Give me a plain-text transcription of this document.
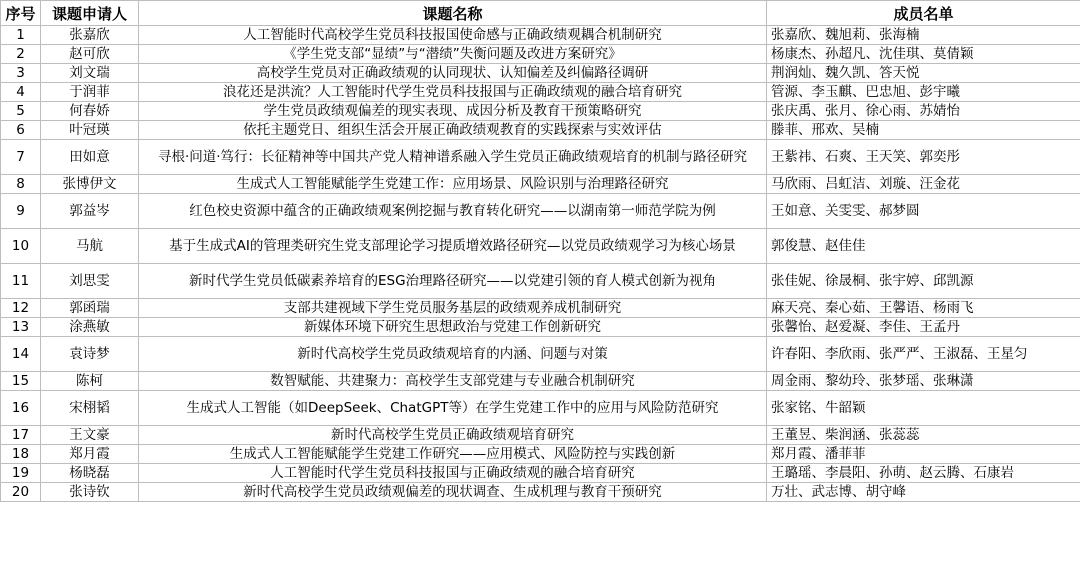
序号	课题申请人	课题名称	成员名单
1	张嘉欣	人工智能时代高校学生党员科技报国使命感与正确政绩观耦合机制研究	张嘉欣、魏旭莉、张海楠
2	赵可欣	《学生党支部“显绩”与“潜绩”失衡问题及改进方案研究》	杨康杰、孙超凡、沈佳琪、莫倩颖
3	刘文瑞	高校学生党员对正确政绩观的认同现状、认知偏差及纠偏路径调研	荆润灿、魏久凯、答天悦
4	于润菲	浪花还是洪流？人工智能时代学生党员科技报国与正确政绩观的融合培育研究	管源、李玉麒、巴忠旭、彭宇曦
5	何春娇	学生党员政绩观偏差的现实表现、成因分析及教育干预策略研究	张庆禹、张月、徐心雨、苏婧怡
6	叶冠瑛	依托主题党日、组织生活会开展正确政绩观教育的实践探索与实效评估	滕菲、邢欢、吴楠
7	田如意	寻根·问道·笃行：长征精神等中国共产党人精神谱系融入学生党员正确政绩观培育的机制与路径研究	王紫祎、石爽、王天笑、郭奕彤
8	张博伊文	生成式人工智能赋能学生党建工作：应用场景、风险识别与治理路径研究	马欣雨、吕虹洁、刘璇、汪金花
9	郭益岑	红色校史资源中蕴含的正确政绩观案例挖掘与教育转化研究——以湖南第一师范学院为例	王如意、关雯雯、郝梦圆
10	马航	基于生成式AI的管理类研究生党支部理论学习提质增效路径研究—以党员政绩观学习为核心场景	郭俊慧、赵佳佳
11	刘思雯	新时代学生党员低碳素养培育的ESG治理路径研究——以党建引领的育人模式创新为视角	张佳妮、徐晟桐、张宇婷、邱凯源
12	郭函瑞	支部共建视域下学生党员服务基层的政绩观养成机制研究	麻天亮、秦心茹、王馨语、杨雨飞
13	涂燕敏	新媒体环境下研究生思想政治与党建工作创新研究	张馨怡、赵爱凝、李佳、王孟丹
14	袁诗梦	新时代高校学生党员政绩观培育的内涵、问题与对策	许春阳、李欣雨、张严严、王淑磊、王星匀
15	陈柯	数智赋能、共建聚力：高校学生支部党建与专业融合机制研究	周金雨、黎幼玲、张梦瑶、张琳潇
16	宋栩韬	生成式人工智能（如DeepSeek、ChatGPT等）在学生党建工作中的应用与风险防范研究	张家铭、牛韶颖
17	王文豪	新时代高校学生党员正确政绩观培育研究	王董昱、柴润涵、张蕊蕊
18	郑月霞	生成式人工智能赋能学生党建工作研究——应用模式、风险防控与实践创新	郑月霞、潘菲菲
19	杨晓磊	人工智能时代学生党员科技报国与正确政绩观的融合培育研究	王璐瑶、李晨阳、孙萌、赵云腾、石康岩
20	张诗钦	新时代高校学生党员政绩观偏差的现状调查、生成机理与教育干预研究	万壮、武志博、胡守峰
